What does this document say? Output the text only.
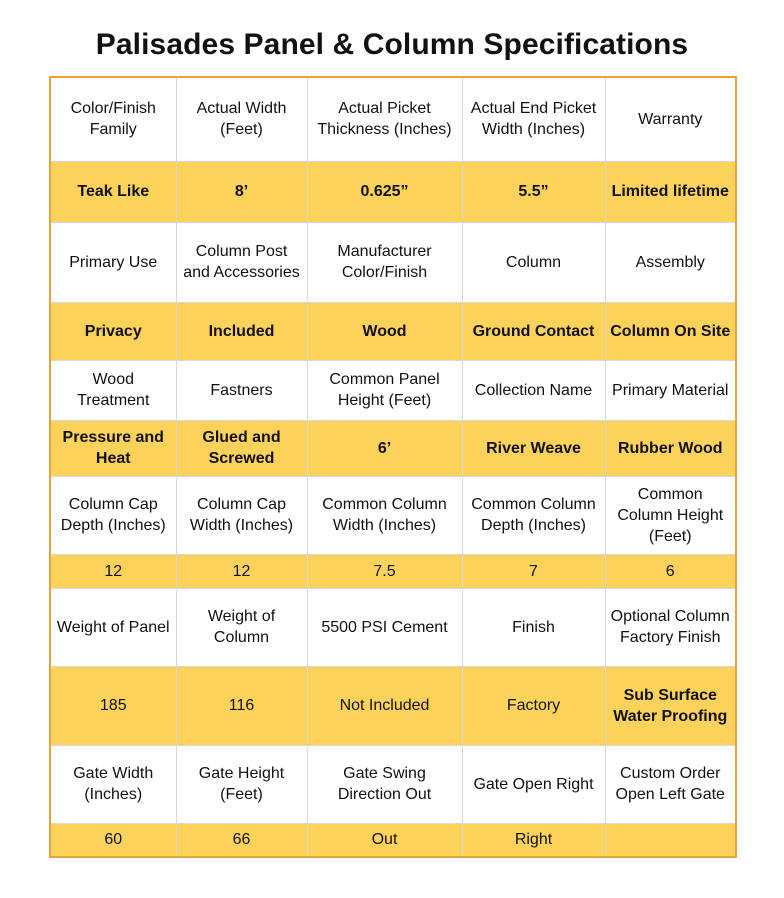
Palisades Panel & Column Specifications
Color/Finish Family	Actual Width (Feet)	Actual Picket Thickness (Inches)	Actual End Picket Width (Inches)	Warranty
Teak Like	8’	0.625”	5.5”	Limited lifetime
Primary Use	Column Post and Accessories	Manufacturer Color/Finish	Column	Assembly
Privacy	Included	Wood	Ground Contact	Column On Site
Wood Treatment	Fastners	Common Panel Height (Feet)	Collection Name	Primary Material
Pressure and Heat	Glued and Screwed	6’	River Weave	Rubber Wood
Column Cap Depth (Inches)	Column Cap Width (Inches)	Common Column Width (Inches)	Common Column Depth (Inches)	Common Column Height (Feet)
12	12	7.5	7	6
Weight of Panel	Weight of Column	5500 PSI Cement	Finish	Optional Column Factory Finish
185	116	Not Included	Factory	Sub Surface Water Proofing
Gate Width (Inches)	Gate Height (Feet)	Gate Swing Direction Out	Gate Open Right	Custom Order Open Left Gate
60	66	Out	Right	
